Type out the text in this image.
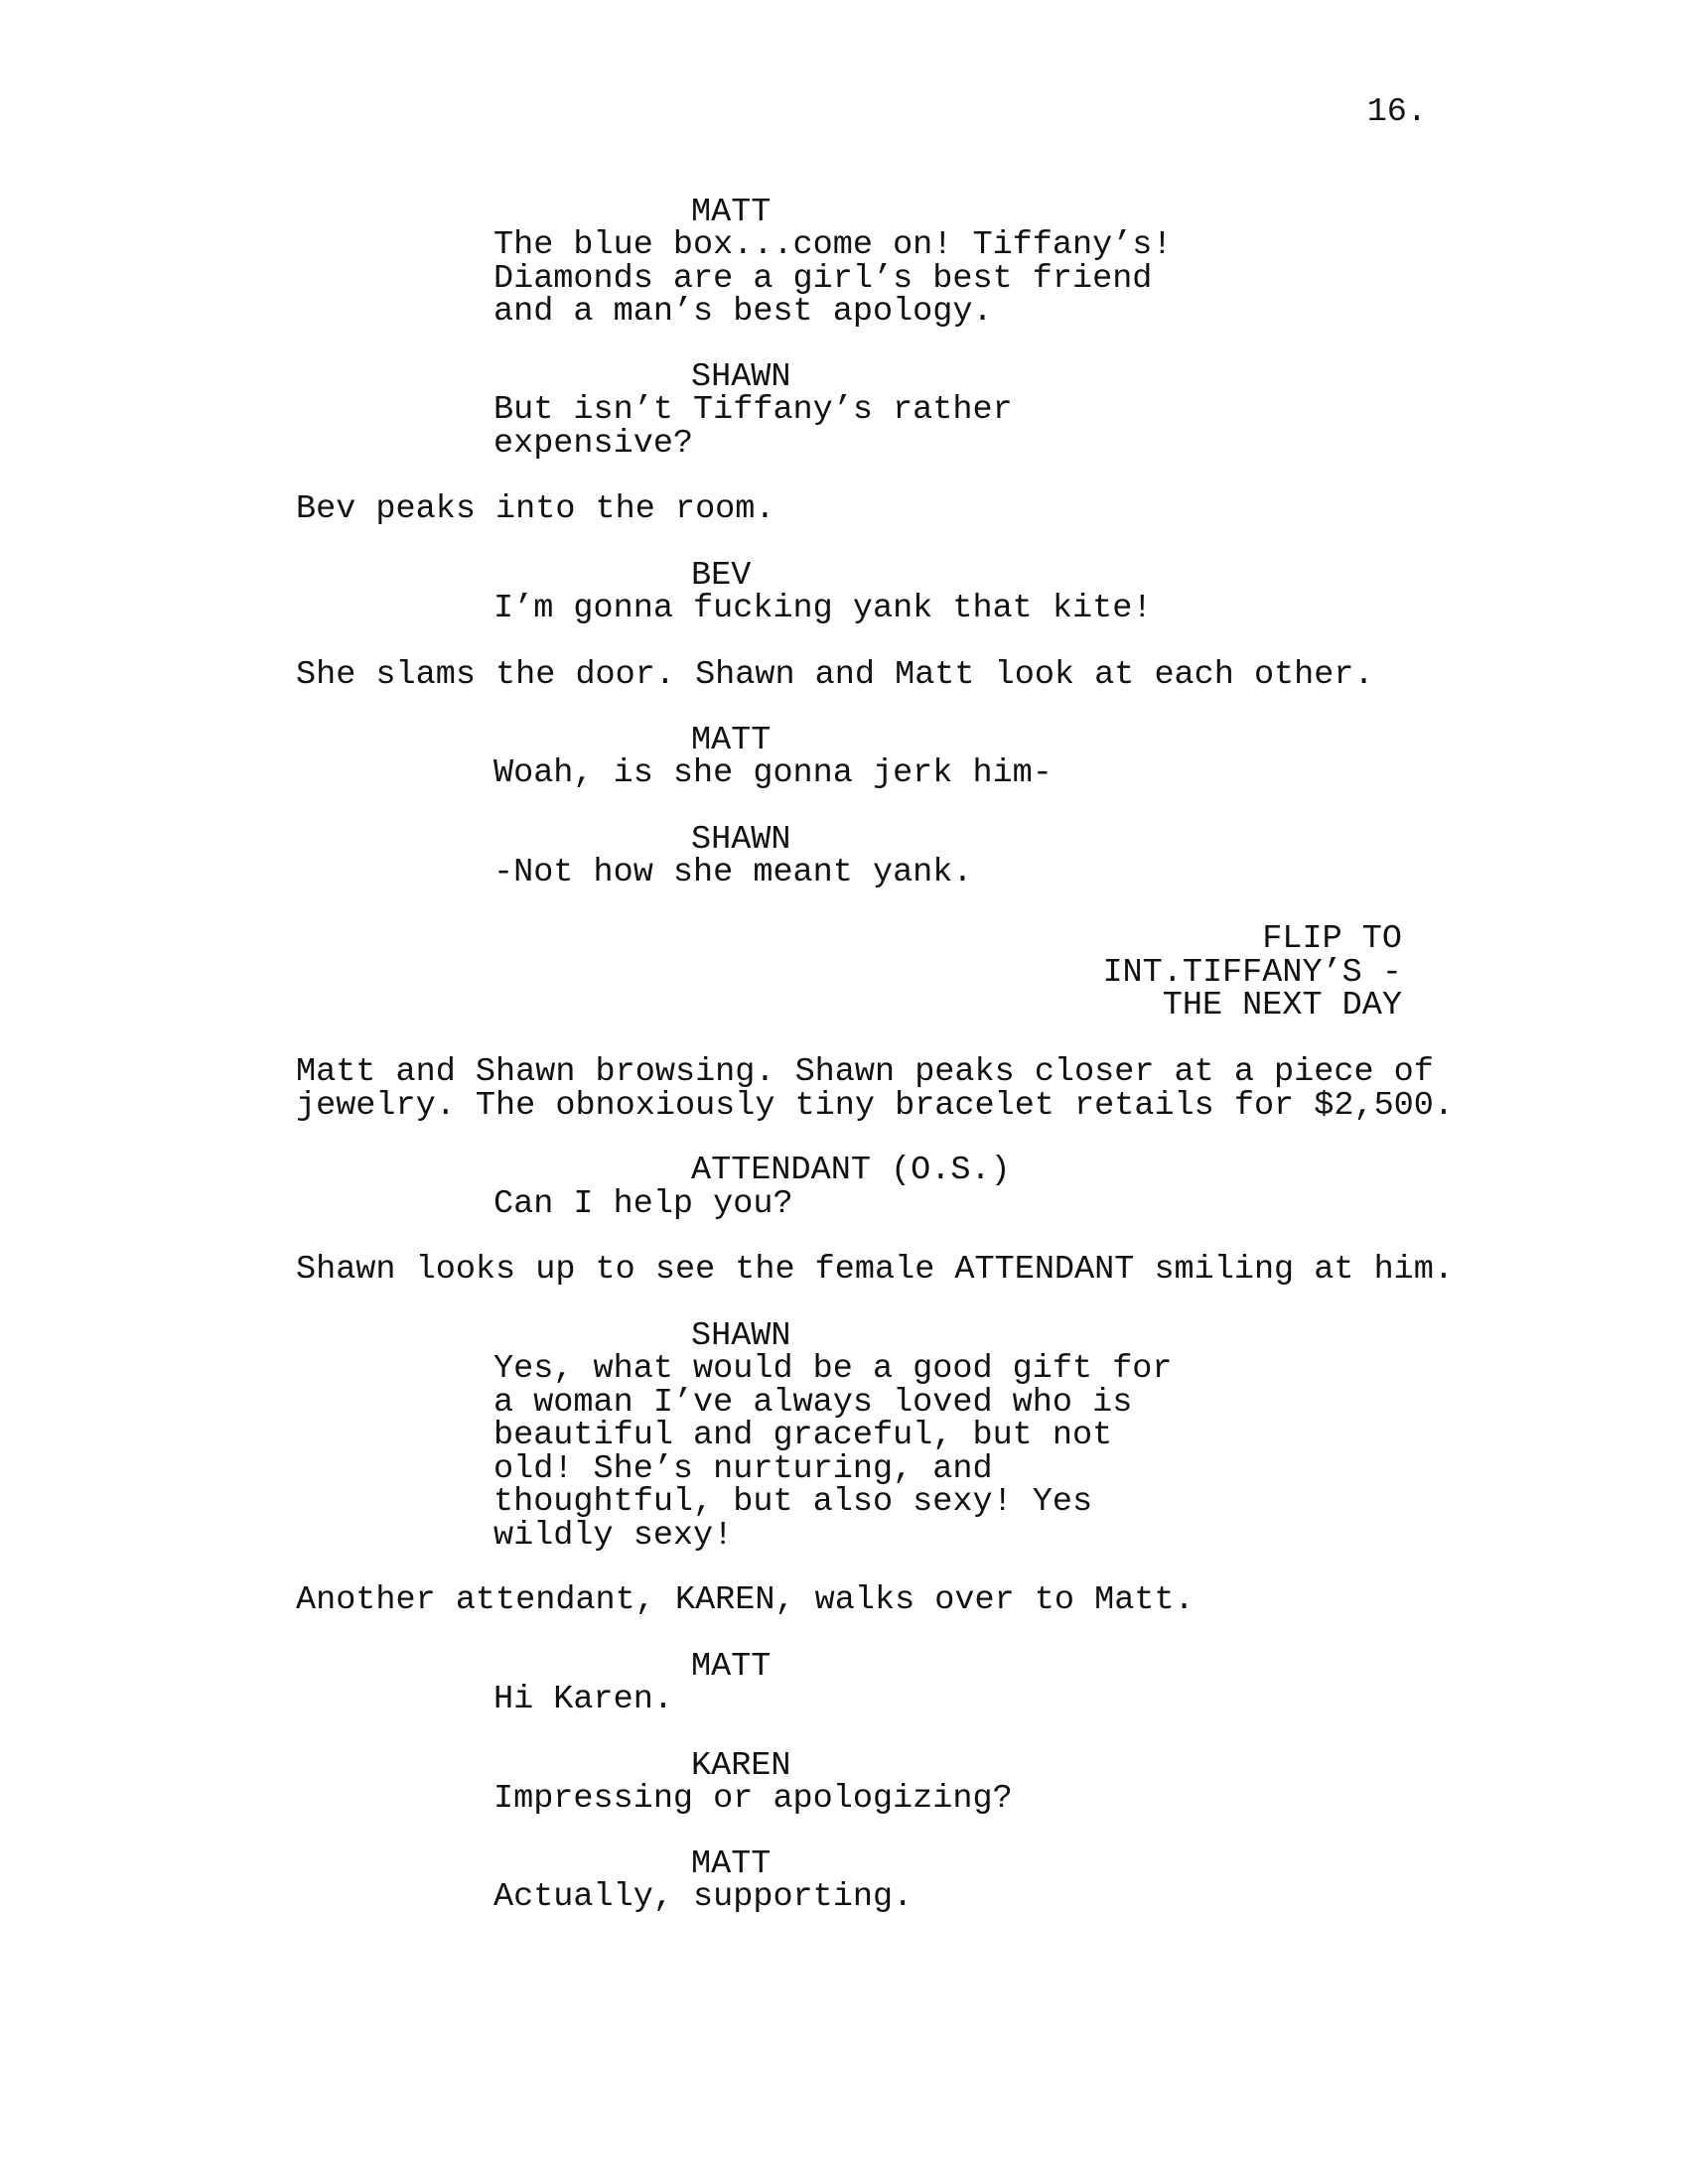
16.
MATT
The blue box...come on! Tiffany’s!
Diamonds are a girl’s best friend
and a man’s best apology.
SHAWN
But isn’t Tiffany’s rather
expensive?
Bev peaks into the room.
BEV
I’m gonna fucking yank that kite!
She slams the door. Shawn and Matt look at each other.
MATT
Woah, is she gonna jerk him-
SHAWN
-Not how she meant yank.
FLIP TO
INT.TIFFANY’S -
THE NEXT DAY
Matt and Shawn browsing. Shawn peaks closer at a piece of
jewelry. The obnoxiously tiny bracelet retails for $2,500.
ATTENDANT (O.S.)
Can I help you?
Shawn looks up to see the female ATTENDANT smiling at him.
SHAWN
Yes, what would be a good gift for
a woman I’ve always loved who is
beautiful and graceful, but not
old! She’s nurturing, and
thoughtful, but also sexy! Yes
wildly sexy!
Another attendant, KAREN, walks over to Matt.
MATT
Hi Karen.
KAREN
Impressing or apologizing?
MATT
Actually, supporting.
